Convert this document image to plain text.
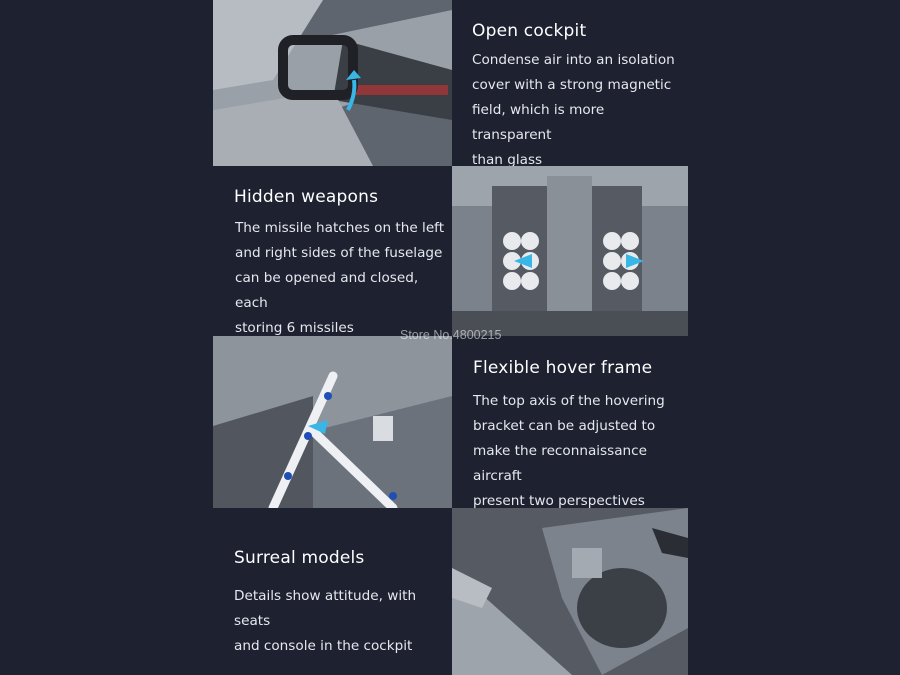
Open cockpit
Condense air into an isolation
cover with a strong magnetic
field, which is more transparent
than glass
Hidden weapons
The missile hatches on the left
and right sides of the fuselage
can be opened and closed, each
storing 6 missiles
Flexible hover frame
The top axis of the hovering
bracket can be adjusted to
make the reconnaissance aircraft
present two perspectives
Surreal models
Details show attitude, with seats
and console in the cockpit
Store No.4800215
